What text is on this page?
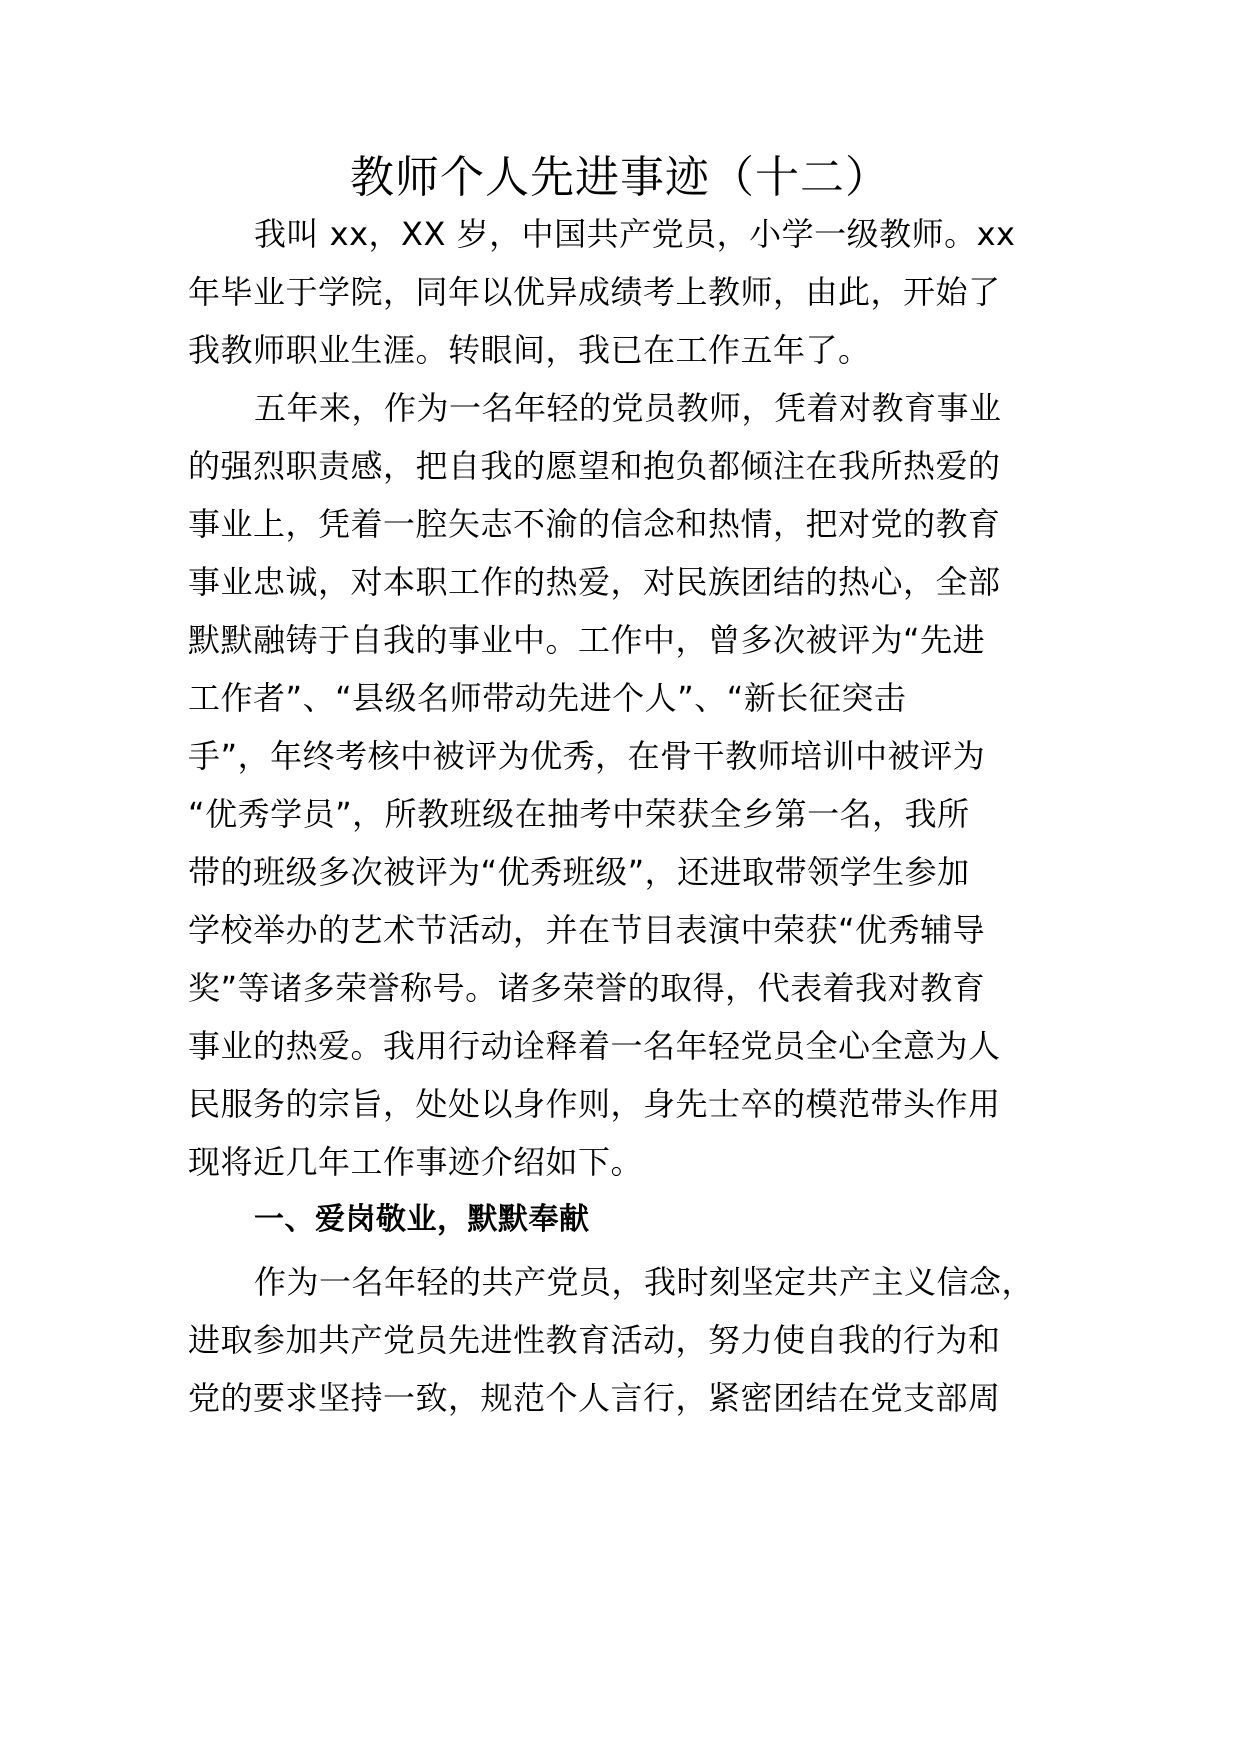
教师个人先进事迹（十二）

我叫 xx，XX 岁，中国共产党员，小学一级教师。xx

年毕业于学院，同年以优异成绩考上教师，由此，开始了

我教师职业生涯。转眼间，我已在工作五年了。

五年来，作为一名年轻的党员教师，凭着对教育事业

的强烈职责感，把自我的愿望和抱负都倾注在我所热爱的

事业上，凭着一腔矢志不渝的信念和热情，把对党的教育

事业忠诚，对本职工作的热爱，对民族团结的热心，全部

默默融铸于自我的事业中。工作中，曾多次被评为“先进

工作者”、“县级名师带动先进个人”、“新长征突击

手”，年终考核中被评为优秀，在骨干教师培训中被评为

“优秀学员”，所教班级在抽考中荣获全乡第一名，我所

带的班级多次被评为“优秀班级”，还进取带领学生参加

学校举办的艺术节活动，并在节目表演中荣获“优秀辅导

奖”等诸多荣誉称号。诸多荣誉的取得，代表着我对教育

事业的热爱。我用行动诠释着一名年轻党员全心全意为人

民服务的宗旨，处处以身作则，身先士卒的模范带头作用

现将近几年工作事迹介绍如下。

一、爱岗敬业，默默奉献

作为一名年轻的共产党员，我时刻坚定共产主义信念，

进取参加共产党员先进性教育活动，努力使自我的行为和

党的要求坚持一致，规范个人言行，紧密团结在党支部周
